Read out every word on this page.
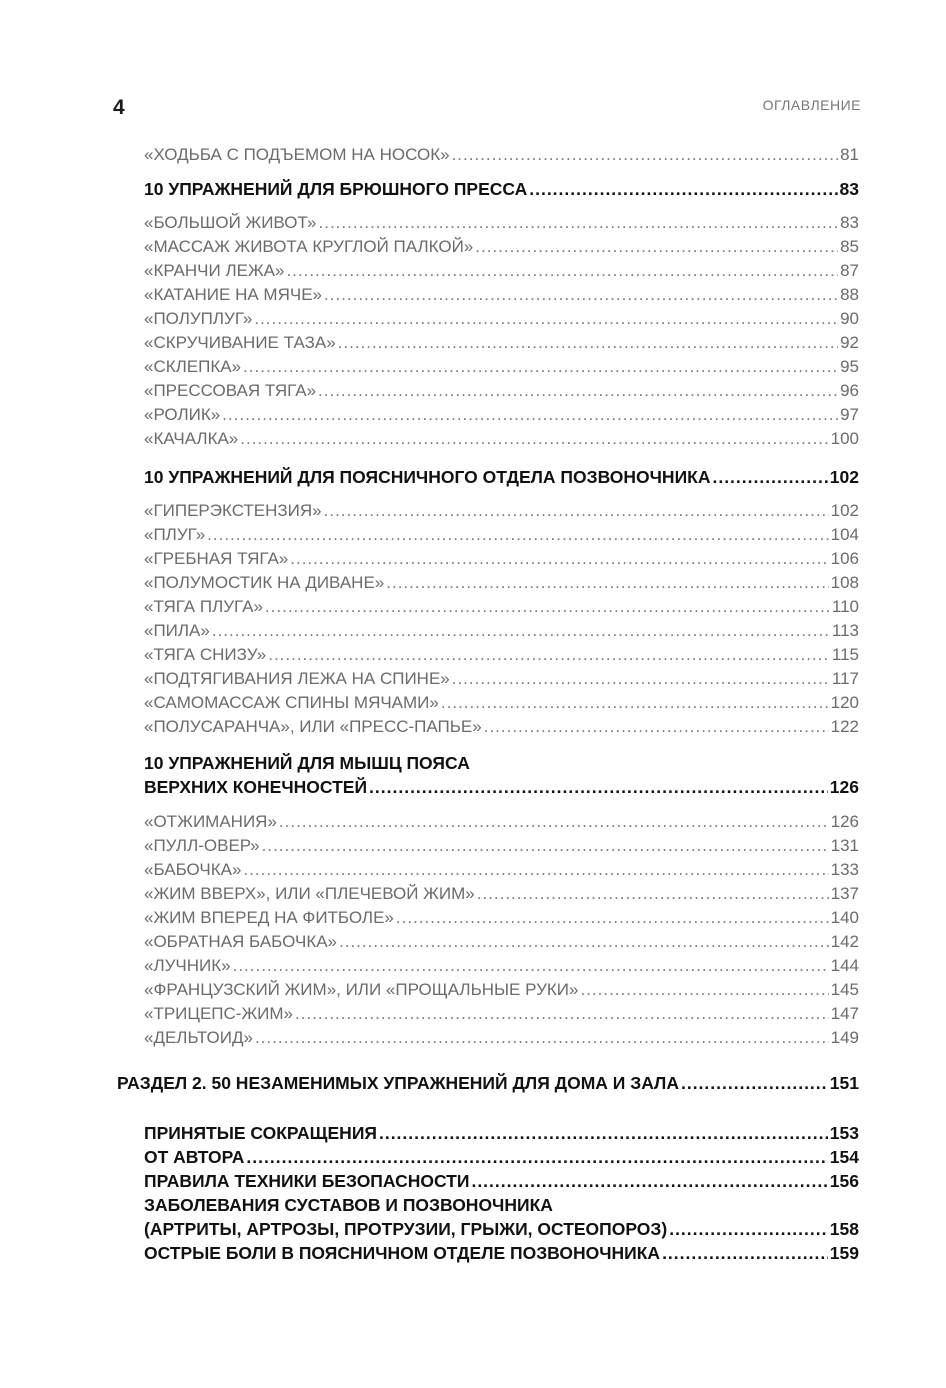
4	ОГЛАВЛЕНИЕ
«ХОДЬБА С ПОДЪЕМОМ НА НОСОК» .....	81
10 УПРАЖНЕНИЙ ДЛЯ БРЮШНОГО ПРЕССА .....	83
«БОЛЬШОЙ ЖИВОТ» .....	83
«МАССАЖ ЖИВОТА КРУГЛОЙ ПАЛКОЙ» .....	85
«КРАНЧИ ЛЕЖА» .....	87
«КАТАНИЕ НА МЯЧЕ» .....	88
«ПОЛУПЛУГ» .....	90
«СКРУЧИВАНИЕ ТАЗА» .....	92
«СКЛЕПКА» .....	95
«ПРЕССОВАЯ ТЯГА» .....	96
«РОЛИК» .....	97
«КАЧАЛКА» .....	100
10 УПРАЖНЕНИЙ ДЛЯ ПОЯСНИЧНОГО ОТДЕЛА ПОЗВОНОЧНИКА .....	102
«ГИПЕРЭКСТЕНЗИЯ» .....	102
«ПЛУГ» .....	104
«ГРЕБНАЯ ТЯГА» .....	106
«ПОЛУМОСТИК НА ДИВАНЕ» .....	108
«ТЯГА ПЛУГА» .....	110
«ПИЛА» .....	113
«ТЯГА СНИЗУ» .....	115
«ПОДТЯГИВАНИЯ ЛЕЖА НА СПИНЕ» .....	117
«САМОМАССАЖ СПИНЫ МЯЧАМИ» .....	120
«ПОЛУСАРАНЧА», ИЛИ «ПРЕСС-ПАПЬЕ» .....	122
10 УПРАЖНЕНИЙ ДЛЯ МЫШЦ ПОЯСА
ВЕРХНИХ КОНЕЧНОСТЕЙ .....	126
«ОТЖИМАНИЯ» .....	126
«ПУЛЛ-ОВЕР» .....	131
«БАБОЧКА» .....	133
«ЖИМ ВВЕРХ», ИЛИ «ПЛЕЧЕВОЙ ЖИМ» .....	137
«ЖИМ ВПЕРЕД НА ФИТБОЛЕ» .....	140
«ОБРАТНАЯ БАБОЧКА» .....	142
«ЛУЧНИК» .....	144
«ФРАНЦУЗСКИЙ ЖИМ», ИЛИ «ПРОЩАЛЬНЫЕ РУКИ» .....	145
«ТРИЦЕПС-ЖИМ» .....	147
«ДЕЛЬТОИД» .....	149
РАЗДЕЛ 2. 50 НЕЗАМЕНИМЫХ УПРАЖНЕНИЙ ДЛЯ ДОМА И ЗАЛА .....	151
ПРИНЯТЫЕ СОКРАЩЕНИЯ .....	153
ОТ АВТОРА .....	154
ПРАВИЛА ТЕХНИКИ БЕЗОПАСНОСТИ .....	156
ЗАБОЛЕВАНИЯ СУСТАВОВ И ПОЗВОНОЧНИКА
(АРТРИТЫ, АРТРОЗЫ, ПРОТРУЗИИ, ГРЫЖИ, ОСТЕОПОРОЗ) .....	158
ОСТРЫЕ БОЛИ В ПОЯСНИЧНОМ ОТДЕЛЕ ПОЗВОНОЧНИКА .....	159
